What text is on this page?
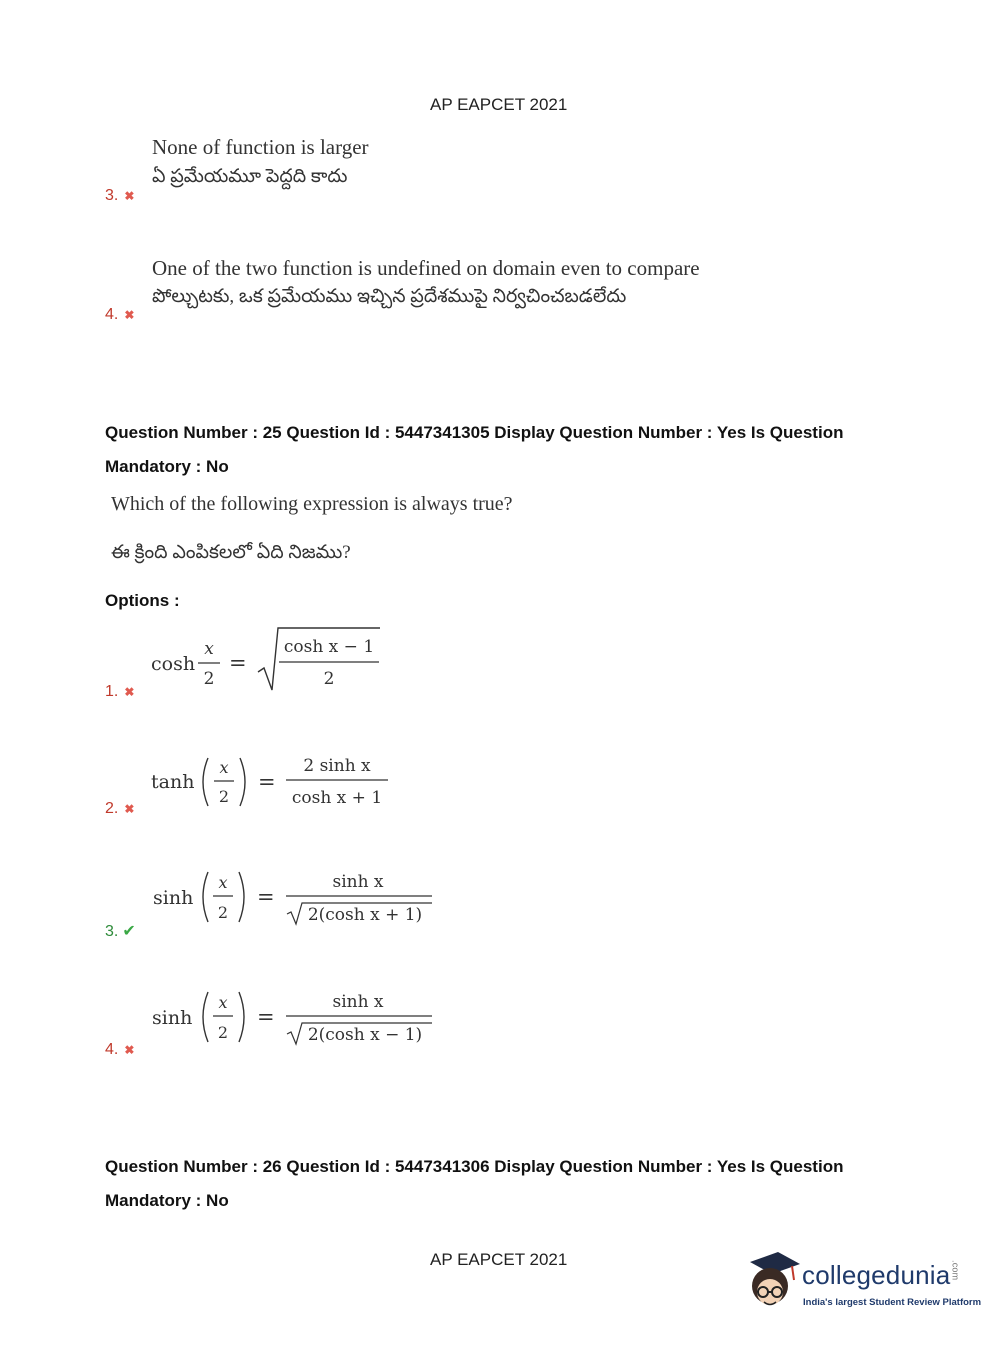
AP EAPCET 2021
None of function is larger
ఏ ప్రమేయమూ పెద్దది కాదు
3. ✖
One of the two function is undefined on domain even to compare
పోల్చుటకు, ఒక ప్రమేయము ఇచ్చిన ప్రదేశముపై నిర్వచించబడలేదు
4. ✖
Question Number : 25 Question Id : 5447341305 Display Question Number : Yes Is Question
Mandatory : No
Which of the following expression is always true?
ఈ క్రింది ఎంపికలలో ఏది నిజము?
Options :
cosh
x
2
=
cosh x − 1
2
1. ✖
tanh
x
2
=
2 sinh x
cosh x + 1
2. ✖
sinh
x
2
=
sinh x
2(cosh x + 1)
3. ✔
sinh
x
2
=
sinh x
2(cosh x − 1)
4. ✖
Question Number : 26 Question Id : 5447341306 Display Question Number : Yes Is Question
Mandatory : No
AP EAPCET 2021
collegedunia.com
India's largest Student Review Platform
